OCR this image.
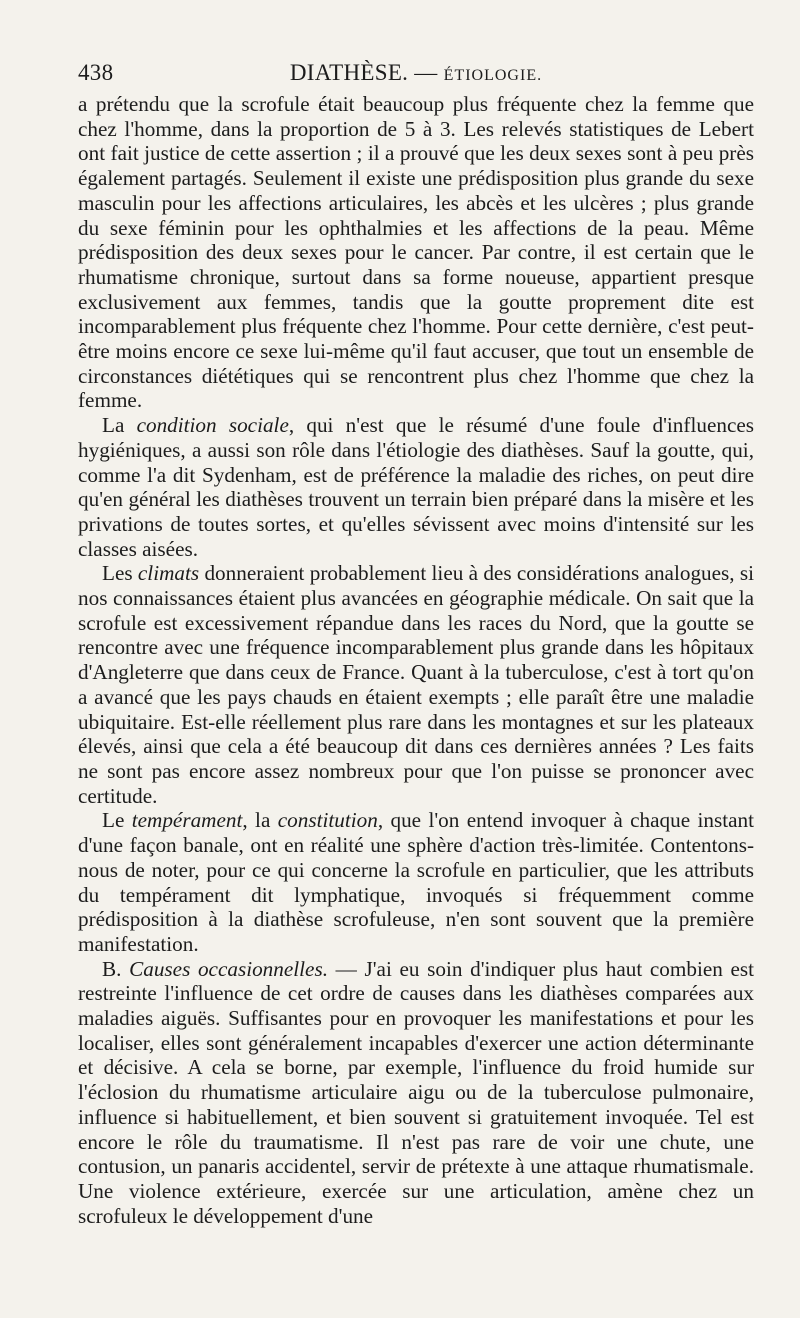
438	DIATHÈSE. — ÉTIOLOGIE.

a prétendu que la scrofule était beaucoup plus fréquente chez la femme que chez l'homme, dans la proportion de 5 à 3. Les relevés statistiques de Lebert ont fait justice de cette assertion ; il a prouvé que les deux sexes sont à peu près également partagés. Seulement il existe une prédisposition plus grande du sexe masculin pour les affections articulaires, les abcès et les ulcères ; plus grande du sexe féminin pour les ophthalmies et les affections de la peau. Même prédisposition des deux sexes pour le cancer. Par contre, il est certain que le rhumatisme chronique, surtout dans sa forme noueuse, appartient presque exclusivement aux femmes, tandis que la goutte proprement dite est incomparablement plus fréquente chez l'homme. Pour cette dernière, c'est peut-être moins encore ce sexe lui-même qu'il faut accuser, que tout un ensemble de circonstances diététiques qui se rencontrent plus chez l'homme que chez la femme.

La condition sociale, qui n'est que le résumé d'une foule d'influences hygiéniques, a aussi son rôle dans l'étiologie des diathèses. Sauf la goutte, qui, comme l'a dit Sydenham, est de préférence la maladie des riches, on peut dire qu'en général les diathèses trouvent un terrain bien préparé dans la misère et les privations de toutes sortes, et qu'elles sévissent avec moins d'intensité sur les classes aisées.

Les climats donneraient probablement lieu à des considérations analogues, si nos connaissances étaient plus avancées en géographie médicale. On sait que la scrofule est excessivement répandue dans les races du Nord, que la goutte se rencontre avec une fréquence incomparablement plus grande dans les hôpitaux d'Angleterre que dans ceux de France. Quant à la tuberculose, c'est à tort qu'on a avancé que les pays chauds en étaient exempts ; elle paraît être une maladie ubiquitaire. Est-elle réellement plus rare dans les montagnes et sur les plateaux élevés, ainsi que cela a été beaucoup dit dans ces dernières années ? Les faits ne sont pas encore assez nombreux pour que l'on puisse se prononcer avec certitude.

Le tempérament, la constitution, que l'on entend invoquer à chaque instant d'une façon banale, ont en réalité une sphère d'action très-limitée. Contentons-nous de noter, pour ce qui concerne la scrofule en particulier, que les attributs du tempérament dit lymphatique, invoqués si fréquemment comme prédisposition à la diathèse scrofuleuse, n'en sont souvent que la première manifestation.

B. Causes occasionnelles. — J'ai eu soin d'indiquer plus haut combien est restreinte l'influence de cet ordre de causes dans les diathèses comparées aux maladies aiguës. Suffisantes pour en provoquer les manifestations et pour les localiser, elles sont généralement incapables d'exercer une action déterminante et décisive. A cela se borne, par exemple, l'influence du froid humide sur l'éclosion du rhumatisme articulaire aigu ou de la tuberculose pulmonaire, influence si habituellement, et bien souvent si gratuitement invoquée. Tel est encore le rôle du traumatisme. Il n'est pas rare de voir une chute, une contusion, un panaris accidentel, servir de prétexte à une attaque rhumatismale. Une violence extérieure, exercée sur une articulation, amène chez un scrofuleux le développement d'une
